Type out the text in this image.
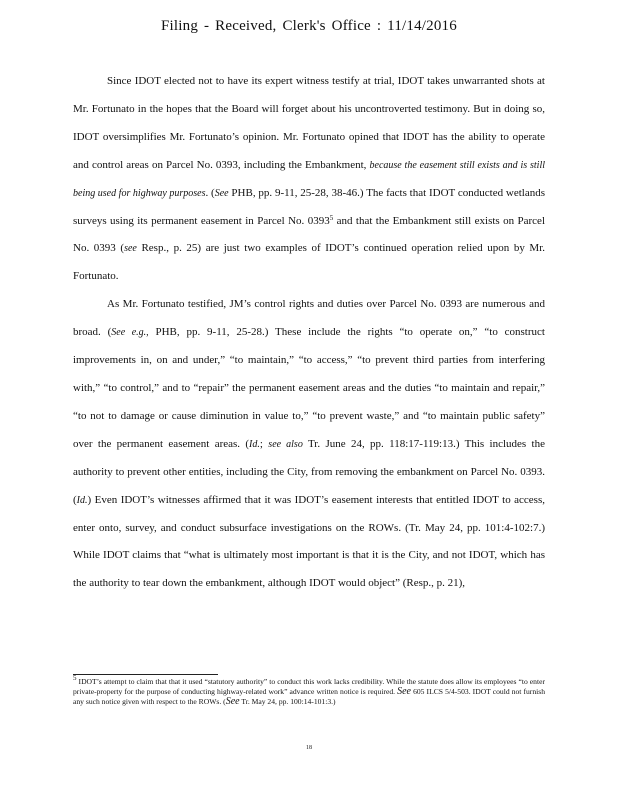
Filing - Received, Clerk's Office : 11/14/2016

Since IDOT elected not to have its expert witness testify at trial, IDOT takes unwarranted shots at Mr. Fortunato in the hopes that the Board will forget about his uncontroverted testimony. But in doing so, IDOT oversimplifies Mr. Fortunato’s opinion. Mr. Fortunato opined that IDOT has the ability to operate and control areas on Parcel No. 0393, including the Embankment, because the easement still exists and is still being used for highway purposes. (See PHB, pp. 9-11, 25-28, 38-46.) The facts that IDOT conducted wetlands surveys using its permanent easement in Parcel No. 0393$^5$ and that the Embankment still exists on Parcel No. 0393 (see Resp., p. 25) are just two examples of IDOT’s continued operation relied upon by Mr. Fortunato.

As Mr. Fortunato testified, JM’s control rights and duties over Parcel No. 0393 are numerous and broad. (See e.g., PHB, pp. 9-11, 25-28.) These include the rights “to operate on,” “to construct improvements in, on and under,” “to maintain,” “to access,” “to prevent third parties from interfering with,” “to control,” and to “repair” the permanent easement areas and the duties “to maintain and repair,” “to not to damage or cause diminution in value to,” “to prevent waste,” and “to maintain public safety” over the permanent easement areas. (Id.; see also Tr. June 24, pp. 118:17-119:13.) This includes the authority to prevent other entities, including the City, from removing the embankment on Parcel No. 0393. (Id.) Even IDOT’s witnesses affirmed that it was IDOT’s easement interests that entitled IDOT to access, enter onto, survey, and conduct subsurface investigations on the ROWs. (Tr. May 24, pp. 101:4-102:7.) While IDOT claims that “what is ultimately most important is that it is the City, and not IDOT, which has the authority to tear down the embankment, although IDOT would object” (Resp., p. 21),

$^5$ IDOT’s attempt to claim that that it used “statutory authority” to conduct this work lacks credibility. While the statute does allow its employees “to enter private-property for the purpose of conducting highway-related work” advance written notice is required. See 605 ILCS 5/4-503. IDOT could not furnish any such notice given with respect to the ROWs. (See Tr. May 24, pp. 100:14-101:3.)
18
